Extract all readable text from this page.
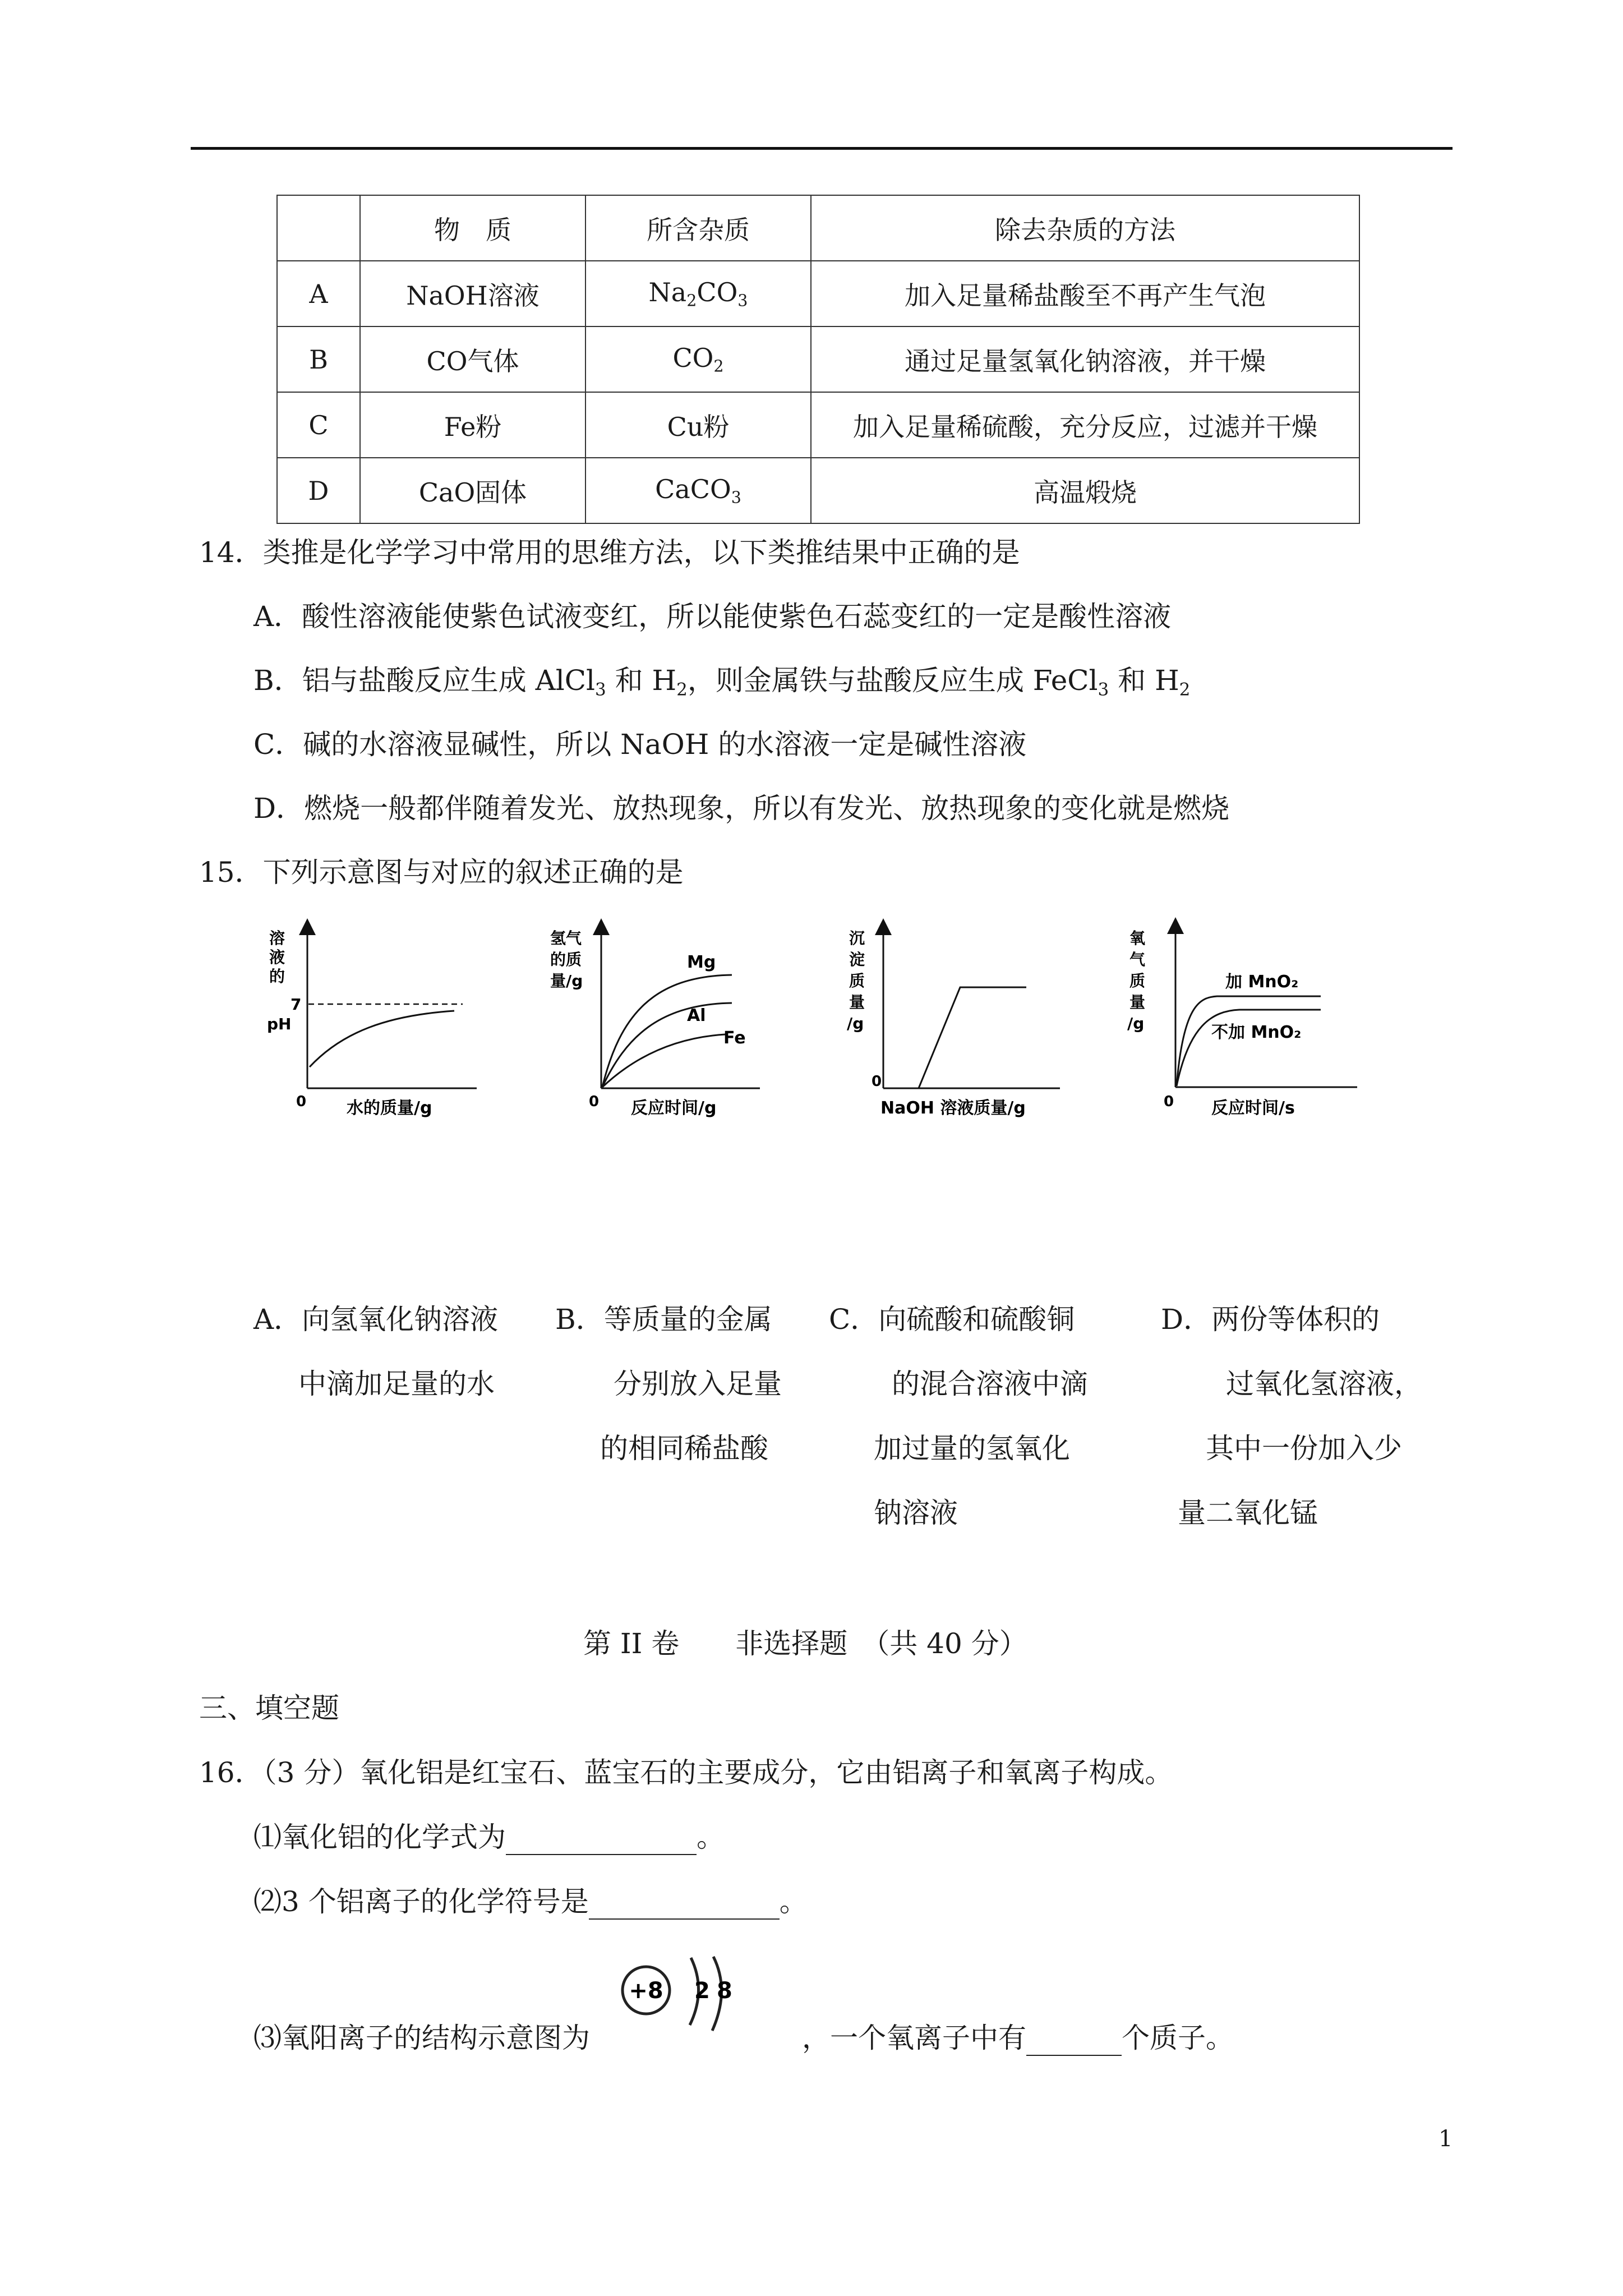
	物　质	所含杂质	除去杂质的方法
A	NaOH溶液	$Na_2CO_3$	加入足量稀盐酸至不再产生气泡
B	CO气体	$CO_2$	通过足量氢氧化钠溶液，并干燥
C	Fe粉	Cu粉	加入足量稀硫酸，充分反应，过滤并干燥
D	CaO固体	CaCO$_3$	高温煅烧
14．类推是化学学习中常用的思维方法，以下类推结果中正确的是
A．酸性溶液能使紫色试液变红，所以能使紫色石蕊变红的一定是酸性溶液
B．铝与盐酸反应生成 AlCl$_3$ 和 $H_2$，则金属铁与盐酸反应生成 FeCl$_3$ 和 $H_2$
C．碱的水溶液显碱性，所以 NaOH 的水溶液一定是碱性溶液
D．燃烧一般都伴随着发光、放热现象，所以有发光、放热现象的变化就是燃烧
15．下列示意图与对应的叙述正确的是
溶
液
的
pH
7
0 水的质量/g
氢气
的质
量/g
Mg
Al
Fe
0 反应时间/g
沉
淀
质
量
/g
0
NaOH 溶液质量/g
氧
气
质
量
/g
加 MnO₂
不加 MnO₂
0 反应时间/s
A．向氢氧化钠溶液
中滴加足量的水
B．等质量的金属
分别放入足量
的相同稀盐酸
C．向硫酸和硫酸铜
的混合溶液中滴
加过量的氢氧化
钠溶液
D．两份等体积的
过氧化氢溶液，
其中一份加入少
量二氧化锰
第 II 卷　　非选择题　（共 40 分）
三、填空题
16．（3 分）氧化铝是红宝石、蓝宝石的主要成分，它由铝离子和氧离子构成。
⑴氧化铝的化学式为	。
⑵3 个铝离子的化学符号是	。
⑶氧阳离子的结构示意图为	，一个氧离子中有	个质子。
+8 2 8
1
